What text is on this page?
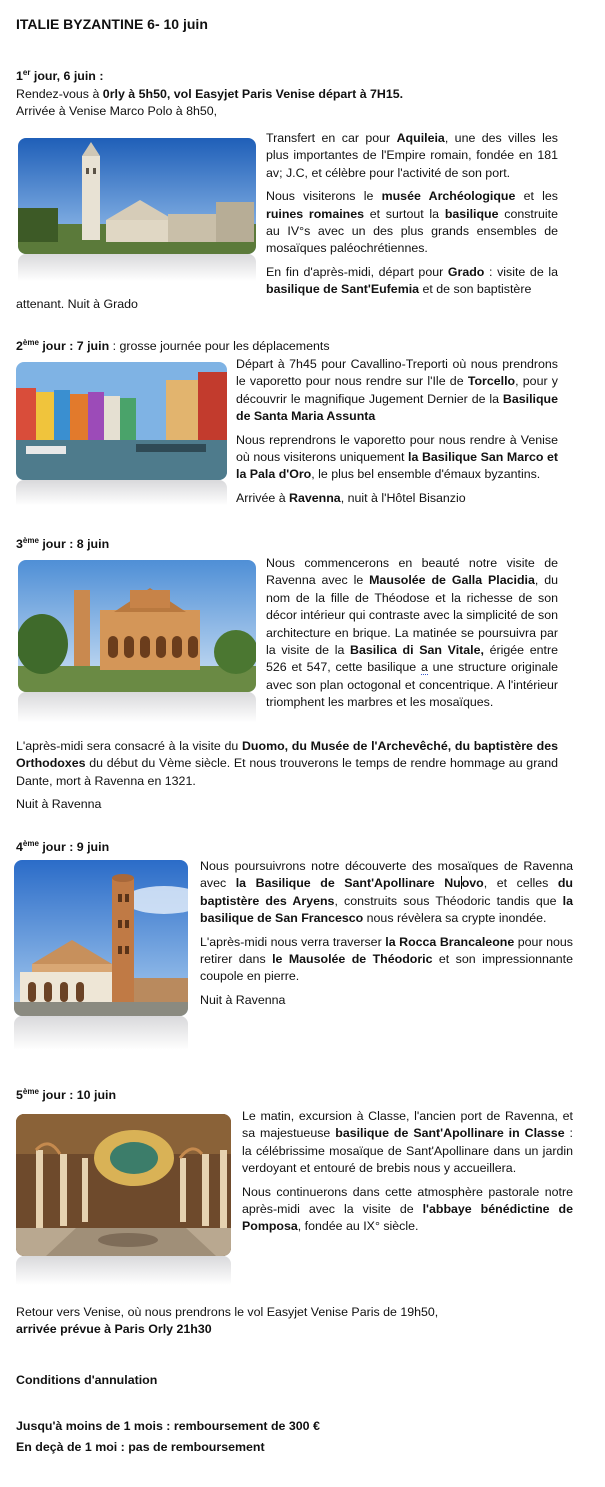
ITALIE BYZANTINE 6- 10 juin

1er jour, 6 juin :

Rendez-vous à 0rly à 5h50, vol Easyjet Paris Venise départ à 7H15.

Arrivée à Venise Marco Polo à 8h50,

Transfert en car pour Aquileia, une des villes les plus importantes de l'Empire romain, fondée en 181 av; J.C, et célèbre pour l'activité de son port.

Nous visiterons le musée Archéologique et les ruines romaines et surtout la basilique construite au IV°s avec un des plus grands ensembles de mosaïques paléochrétiennes.

En fin d'après-midi, départ pour Grado : visite de la basilique de Sant'Eufemia et de son baptistère

attenant. Nuit à Grado
2ème jour : 7 juin : grosse journée pour les déplacements

Départ à 7h45 pour Cavallino-Treporti où nous prendrons le vaporetto pour nous rendre sur l'Ile de Torcello, pour y découvrir le magnifique Jugement Dernier de la Basilique de Santa Maria Assunta

Nous reprendrons le vaporetto pour nous rendre à Venise où nous visiterons uniquement la Basilique San Marco et la Pala d'Oro, le plus bel ensemble d'émaux byzantins.

Arrivée à Ravenna, nuit à l'Hôtel Bisanzio

3ème jour : 8 juin

Nous commencerons en beauté notre visite de Ravenna avec le Mausolée de Galla Placidia, du nom de la fille de Théodose et la richesse de son décor intérieur qui contraste avec la simplicité de son architecture en brique. La matinée se poursuivra par la visite de la Basilica di San Vitale, érigée entre 526 et 547, cette basilique a une structure originale avec son plan octogonal et concentrique. A l'intérieur triomphent les marbres et les mosaïques.

L'après-midi sera consacré à la visite du Duomo, du Musée de l'Archevêché, du baptistère des Orthodoxes du début du Vème siècle. Et nous trouverons le temps de rendre hommage au grand Dante, mort à Ravenna en 1321.

Nuit à Ravenna
4ème jour : 9 juin

Nous poursuivrons notre découverte des mosaïques de Ravenna avec la Basilique de Sant'Apollinare Nuovo, et celles du baptistère des Aryens, construits sous Théodoric tandis que la basilique de San Francesco nous révèlera sa crypte inondée.

L'après-midi nous verra traverser la Rocca Brancaleone pour nous retirer dans le Mausolée de Théodoric et son impressionnante coupole en pierre.

Nuit à Ravenna

5ème jour : 10 juin

Le matin, excursion à Classe, l'ancien port de Ravenna, et sa majestueuse basilique de Sant'Apollinare in Classe : la célébrissime mosaïque de Sant'Apollinare dans un jardin verdoyant et entouré de brebis nous y accueillera.

Nous continuerons dans cette atmosphère pastorale notre après-midi avec la visite de l'abbaye bénédictine de Pomposa, fondée au IX° siècle.

Retour vers Venise, où nous prendrons le vol Easyjet Venise Paris de 19h50,

arrivée prévue à Paris Orly 21h30

Conditions d'annulation

Jusqu'à moins de 1 mois : remboursement de 300 €

En deçà de 1 moi : pas de remboursement
